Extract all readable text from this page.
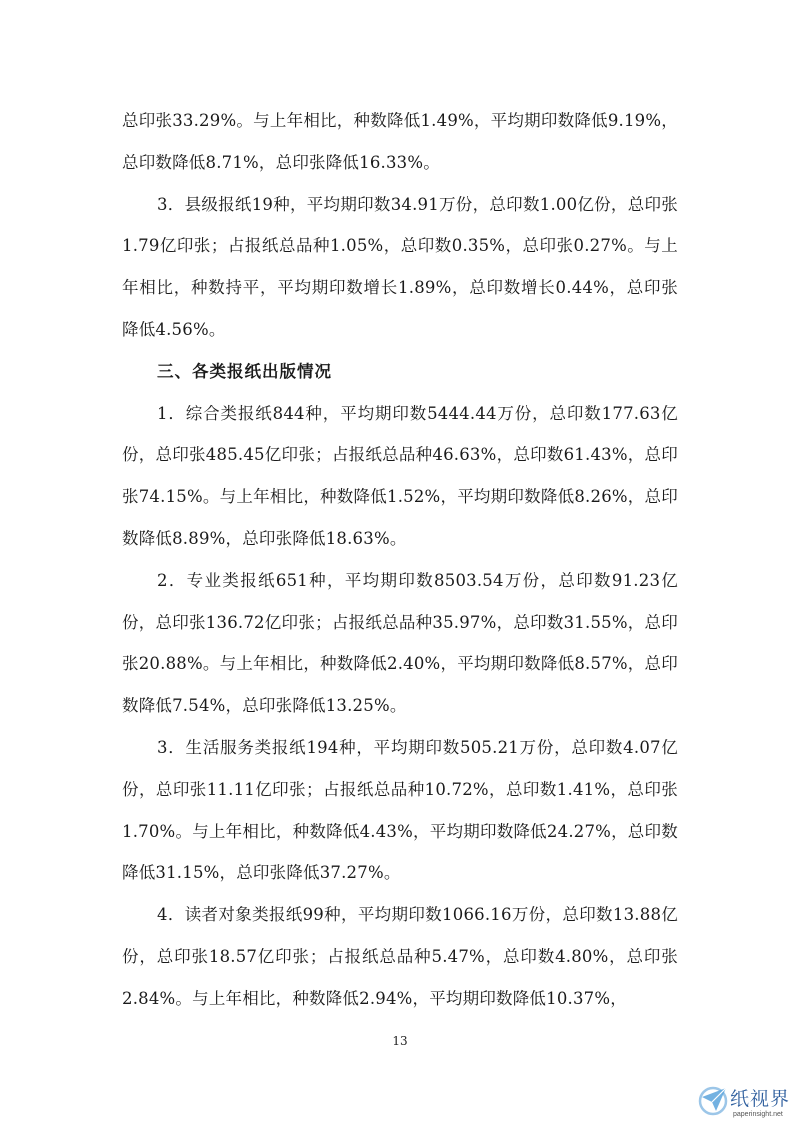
总印张33.29%。与上年相比，种数降低1.49%，平均期印数降低9.19%，总印数降低8.71%，总印张降低16.33%。

3．县级报纸19种，平均期印数34.91万份，总印数1.00亿份，总印张1.79亿印张；占报纸总品种1.05%，总印数0.35%，总印张0.27%。与上年相比，种数持平，平均期印数增长1.89%，总印数增长0.44%，总印张降低4.56%。

三、各类报纸出版情况

1．综合类报纸844种，平均期印数5444.44万份，总印数177.63亿份，总印张485.45亿印张；占报纸总品种46.63%，总印数61.43%，总印张74.15%。与上年相比，种数降低1.52%，平均期印数降低8.26%，总印数降低8.89%，总印张降低18.63%。

2．专业类报纸651种，平均期印数8503.54万份，总印数91.23亿份，总印张136.72亿印张；占报纸总品种35.97%，总印数31.55%，总印张20.88%。与上年相比，种数降低2.40%，平均期印数降低8.57%，总印数降低7.54%，总印张降低13.25%。

3．生活服务类报纸194种，平均期印数505.21万份，总印数4.07亿份，总印张11.11亿印张；占报纸总品种10.72%，总印数1.41%，总印张1.70%。与上年相比，种数降低4.43%，平均期印数降低24.27%，总印数降低31.15%，总印张降低37.27%。

4．读者对象类报纸99种，平均期印数1066.16万份，总印数13.88亿份，总印张18.57亿印张；占报纸总品种5.47%，总印数4.80%，总印张2.84%。与上年相比，种数降低2.94%，平均期印数降低10.37%，

13
纸视界
paperinsight.net
